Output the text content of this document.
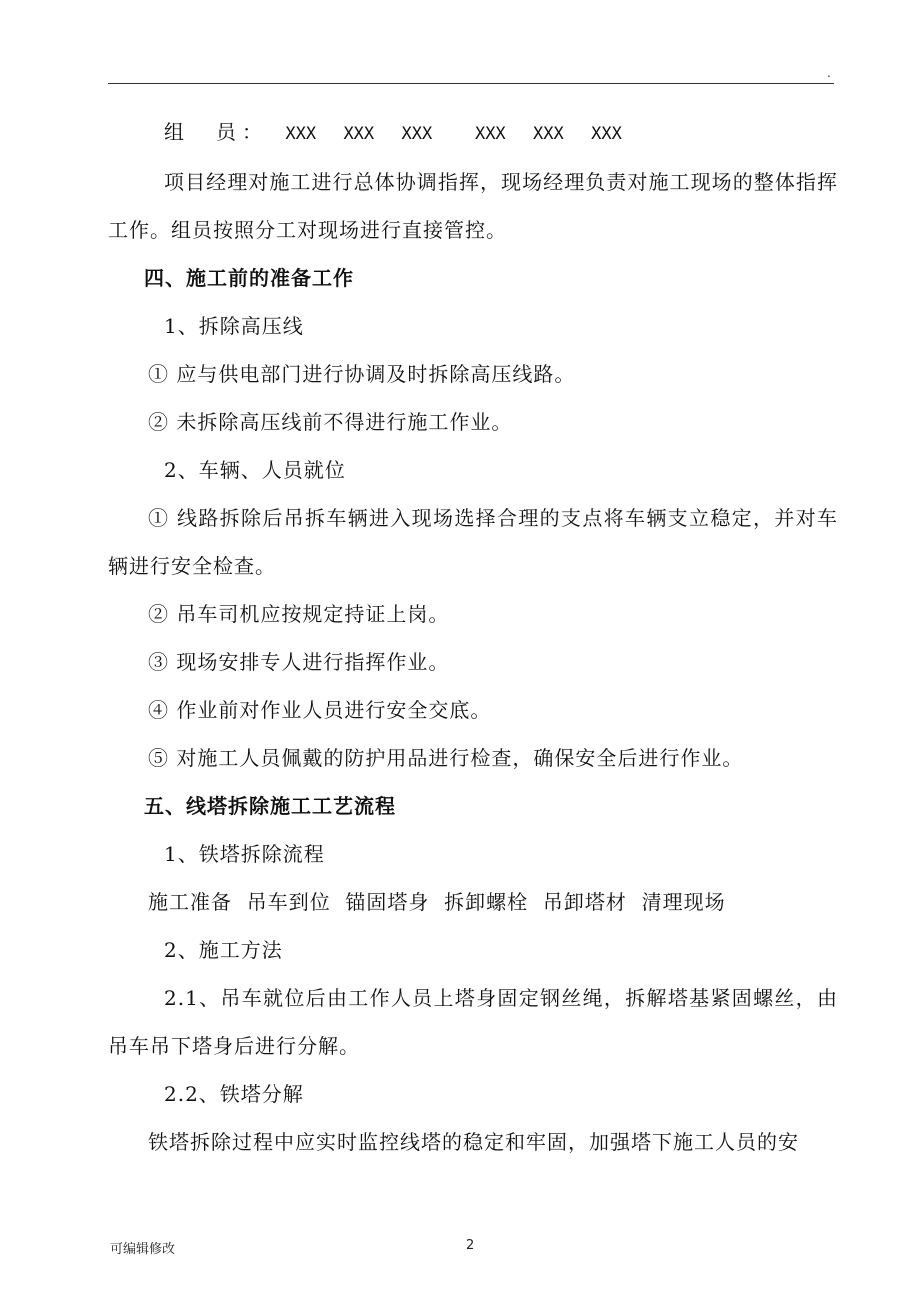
.

组　员： XXX XXX XXX	XXX XXX XXX

项目经理对施工进行总体协调指挥，现场经理负责对施工现场的整体指挥工作。组员按照分工对现场进行直接管控。

四、施工前的准备工作

1、拆除高压线

① 应与供电部门进行协调及时拆除高压线路。

② 未拆除高压线前不得进行施工作业。

2、车辆、人员就位

① 线路拆除后吊拆车辆进入现场选择合理的支点将车辆支立稳定，并对车辆进行安全检查。

② 吊车司机应按规定持证上岗。

③ 现场安排专人进行指挥作业。

④ 作业前对作业人员进行安全交底。

⑤ 对施工人员佩戴的防护用品进行检查，确保安全后进行作业。

五、线塔拆除施工工艺流程

1、铁塔拆除流程

施工准备  吊车到位  锚固塔身  拆卸螺栓  吊卸塔材  清理现场

2、施工方法

2.1、吊车就位后由工作人员上塔身固定钢丝绳，拆解塔基紧固螺丝，由吊车吊下塔身后进行分解。

2.2、铁塔分解

铁塔拆除过程中应实时监控线塔的稳定和牢固，加强塔下施工人员的安

可编辑修改	2
